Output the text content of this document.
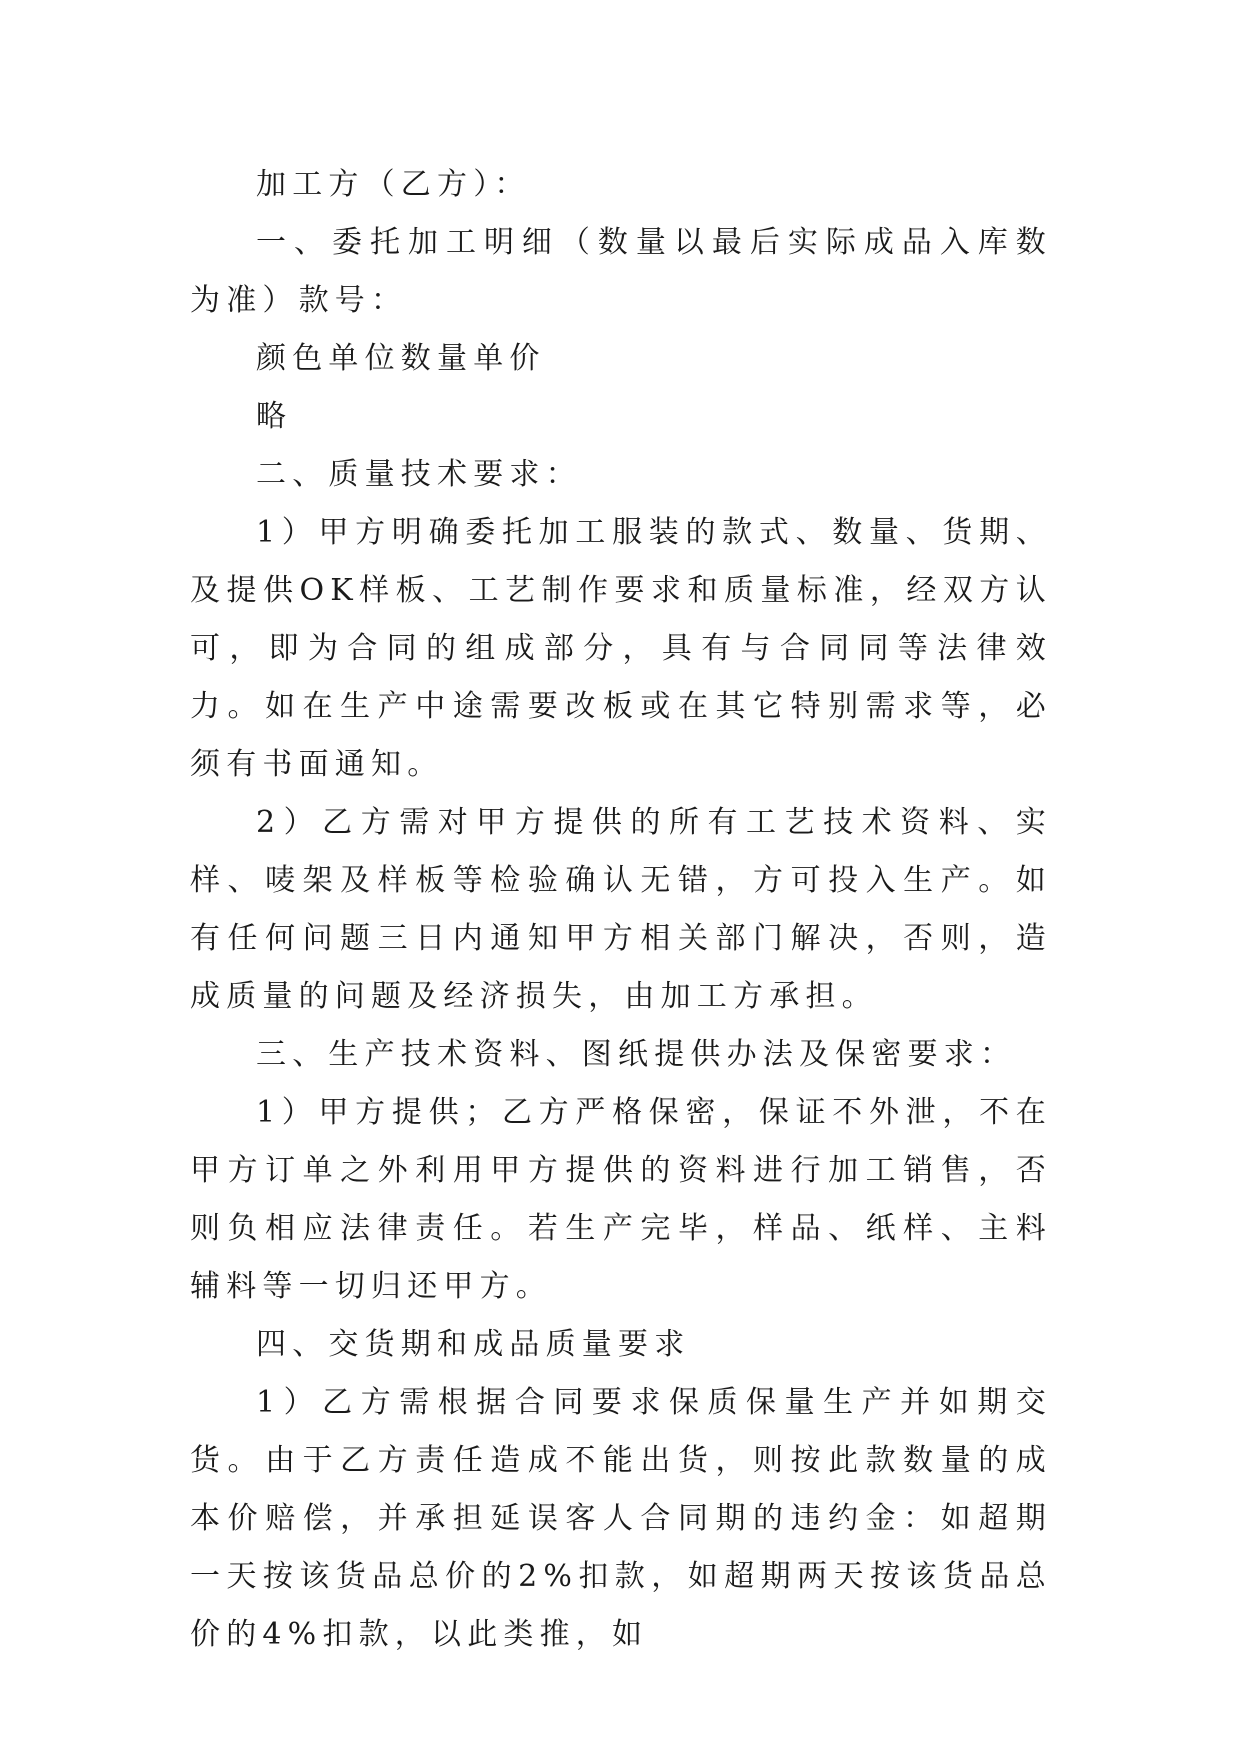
加工方（乙方）：

一、委托加工明细（数量以最后实际成品入库数为准）款号：

颜色单位数量单价

略

二、质量技术要求：

1）甲方明确委托加工服装的款式、数量、货期、及提供OK样板、工艺制作要求和质量标准，经双方认可，即为合同的组成部分，具有与合同同等法律效力。如在生产中途需要改板或在其它特别需求等，必须有书面通知。

2）乙方需对甲方提供的所有工艺技术资料、实样、唛架及样板等检验确认无错，方可投入生产。如有任何问题三日内通知甲方相关部门解决，否则，造成质量的问题及经济损失，由加工方承担。

三、生产技术资料、图纸提供办法及保密要求：

1）甲方提供；乙方严格保密，保证不外泄，不在甲方订单之外利用甲方提供的资料进行加工销售，否则负相应法律责任。若生产完毕，样品、纸样、主料辅料等一切归还甲方。

四、交货期和成品质量要求

1）乙方需根据合同要求保质保量生产并如期交货。由于乙方责任造成不能出货，则按此款数量的成本价赔偿，并承担延误客人合同期的违约金：如超期一天按该货品总价的2%扣款，如超期两天按该货品总价的4%扣款，以此类推，如
